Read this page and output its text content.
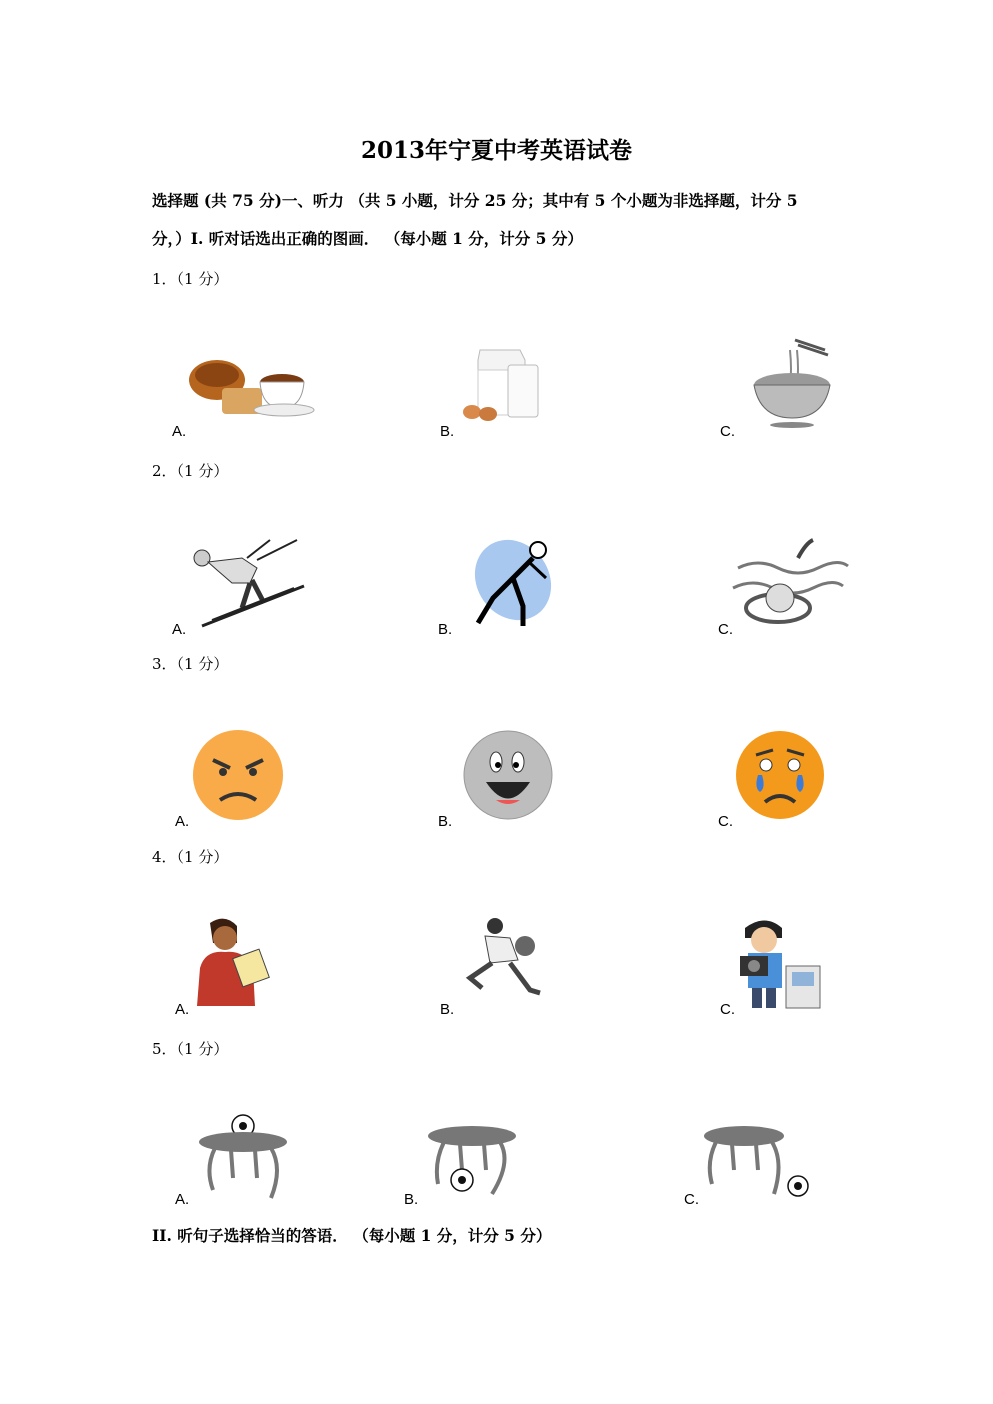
2013年宁夏中考英语试卷
选择题 (共 75 分)一、听力 （共 5 小题，计分 25 分；其中有 5 个小题为非选择题，计分 5
分，）I. 听对话选出正确的图画． （每小题 1 分，计分 5 分）
1．（1 分）
A.	B.	C.
2．（1 分）
A.	B.	C.
3．（1 分）
A.	B.	C.
4．（1 分）
A.	B.	C.
5．（1 分）
A.	B.	C.
II. 听句子选择恰当的答语． （每小题 1 分，计分 5 分）
